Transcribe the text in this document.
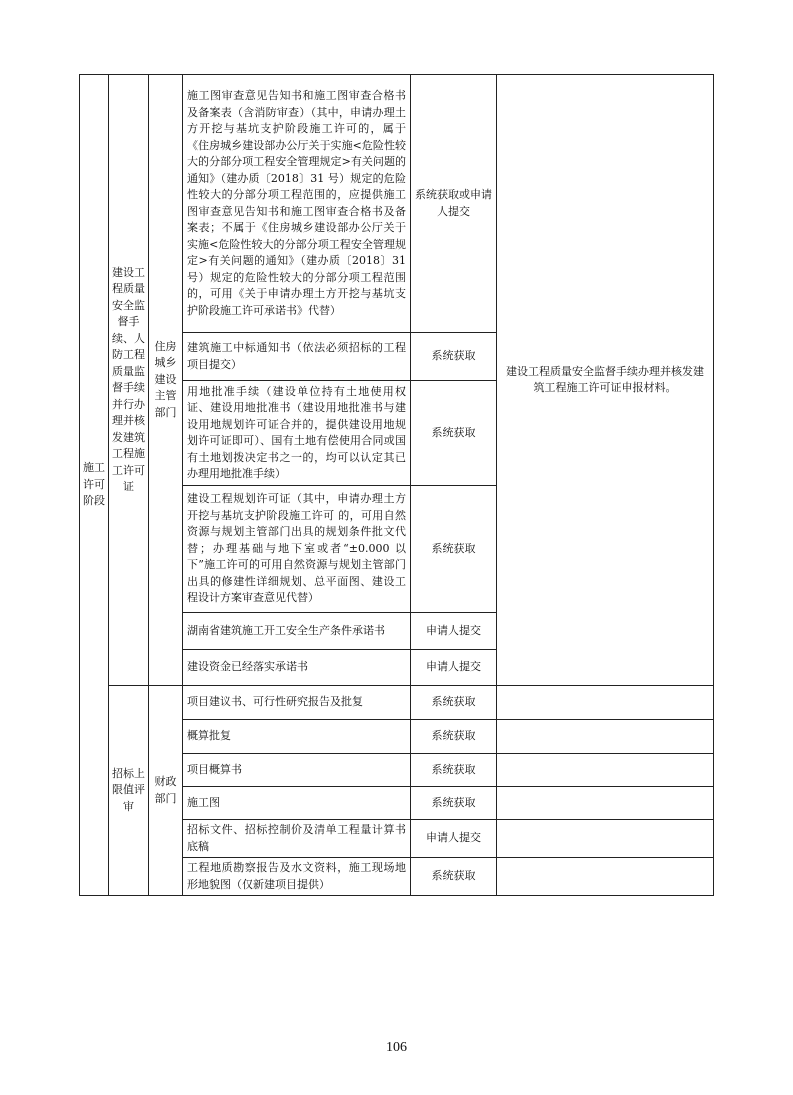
施工许可阶段	建设工程质量安全监督手续、人防工程质量监督手续并行办理并核发建筑工程施工许可证	住房城乡建设主管部门	施工图审查意见告知书和施工图审查合格书及备案表（含消防审查）（其中，申请办理土方开挖与基坑支护阶段施工许可的，属于《住房城乡建设部办公厅关于实施<危险性较大的分部分项工程安全管理规定>有关问题的通知》（建办质〔2018〕31 号）规定的危险性较大的分部分项工程范围的，应提供施工图审查意见告知书和施工图审查合格书及备案表；不属于《住房城乡建设部办公厅关于实施<危险性较大的分部分项工程安全管理规定>有关问题的通知》（建办质〔2018〕31 号）规定的危险性较大的分部分项工程范围的，可用《关于申请办理土方开挖与基坑支护阶段施工许可承诺书》代替）	系统获取或申请人提交	建设工程质量安全监督手续办理并核发建筑工程施工许可证申报材料。
			建筑施工中标通知书（依法必须招标的工程项目提交）	系统获取	
			用地批准手续（建设单位持有土地使用权证、建设用地批准书（建设用地批准书与建设用地规划许可证合并的，提供建设用地规划许可证即可）、国有土地有偿使用合同或国有土地划拨决定书之一的，均可以认定其已办理用地批准手续）	系统获取	
			建设工程规划许可证（其中，申请办理土方开挖与基坑支护阶段施工许可 的，可用自然资源与规划主管部门出具的规划条件批文代替；办理基础与地下室或者“±0.000 以下”施工许可的可用自然资源与规划主管部门出具的修建性详细规划、总平面图、建设工程设计方案审查意见代替）	系统获取	
			湖南省建筑施工开工安全生产条件承诺书	申请人提交	
			建设资金已经落实承诺书	申请人提交	
	招标上限值评审	财政部门	项目建议书、可行性研究报告及批复	系统获取	
			概算批复	系统获取	
			项目概算书	系统获取	
			施工图	系统获取	
			招标文件、招标控制价及清单工程量计算书底稿	申请人提交	
			工程地质勘察报告及水文资料，施工现场地形地貌图（仅新建项目提供）	系统获取	
106
